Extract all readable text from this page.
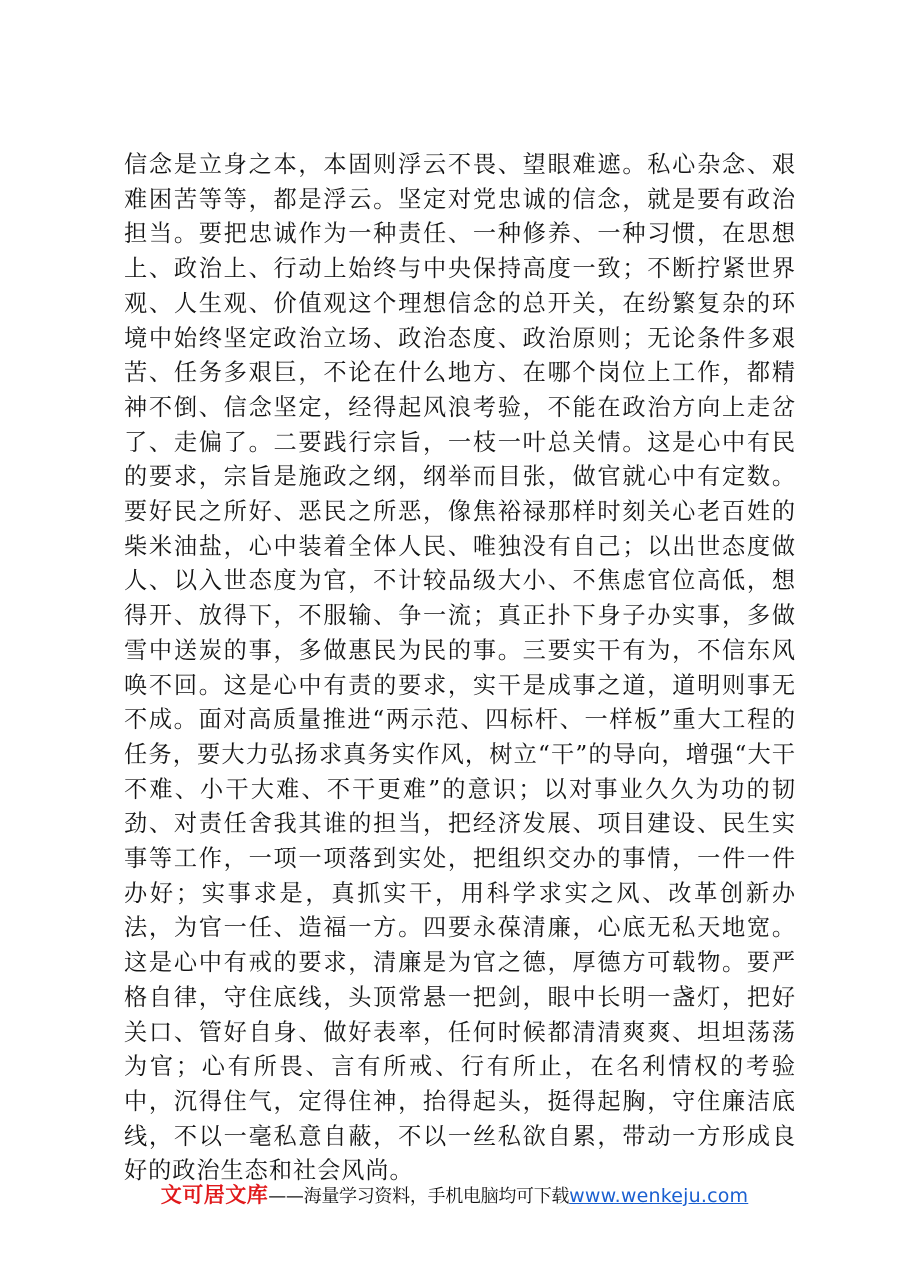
信念是立身之本，本固则浮云不畏、望眼难遮。私心杂念、艰难困苦等等，都是浮云。坚定对党忠诚的信念，就是要有政治担当。要把忠诚作为一种责任、一种修养、一种习惯，在思想上、政治上、行动上始终与中央保持高度一致；不断拧紧世界观、人生观、价值观这个理想信念的总开关，在纷繁复杂的环境中始终坚定政治立场、政治态度、政治原则；无论条件多艰苦、任务多艰巨，不论在什么地方、在哪个岗位上工作，都精神不倒、信念坚定，经得起风浪考验，不能在政治方向上走岔了、走偏了。二要践行宗旨，一枝一叶总关情。这是心中有民的要求，宗旨是施政之纲，纲举而目张，做官就心中有定数。要好民之所好、恶民之所恶，像焦裕禄那样时刻关心老百姓的柴米油盐，心中装着全体人民、唯独没有自己；以出世态度做人、以入世态度为官，不计较品级大小、不焦虑官位高低，想得开、放得下，不服输、争一流；真正扑下身子办实事，多做雪中送炭的事，多做惠民为民的事。三要实干有为，不信东风唤不回。这是心中有责的要求，实干是成事之道，道明则事无不成。面对高质量推进“两示范、四标杆、一样板”重大工程的任务，要大力弘扬求真务实作风，树立“干”的导向，增强“大干不难、小干大难、不干更难”的意识；以对事业久久为功的韧劲、对责任舍我其谁的担当，把经济发展、项目建设、民生实事等工作，一项一项落到实处，把组织交办的事情，一件一件办好；实事求是，真抓实干，用科学求实之风、改革创新办法，为官一任、造福一方。四要永葆清廉，心底无私天地宽。这是心中有戒的要求，清廉是为官之德，厚德方可载物。要严格自律，守住底线，头顶常悬一把剑，眼中长明一盏灯，把好关口、管好自身、做好表率，任何时候都清清爽爽、坦坦荡荡为官；心有所畏、言有所戒、行有所止，在名利情权的考验中，沉得住气，定得住神，抬得起头，挺得起胸，守住廉洁底线，不以一毫私意自蔽，不以一丝私欲自累，带动一方形成良好的政治生态和社会风尚。

文可居文库——海量学习资料，手机电脑均可下载www.wenkeju.com
